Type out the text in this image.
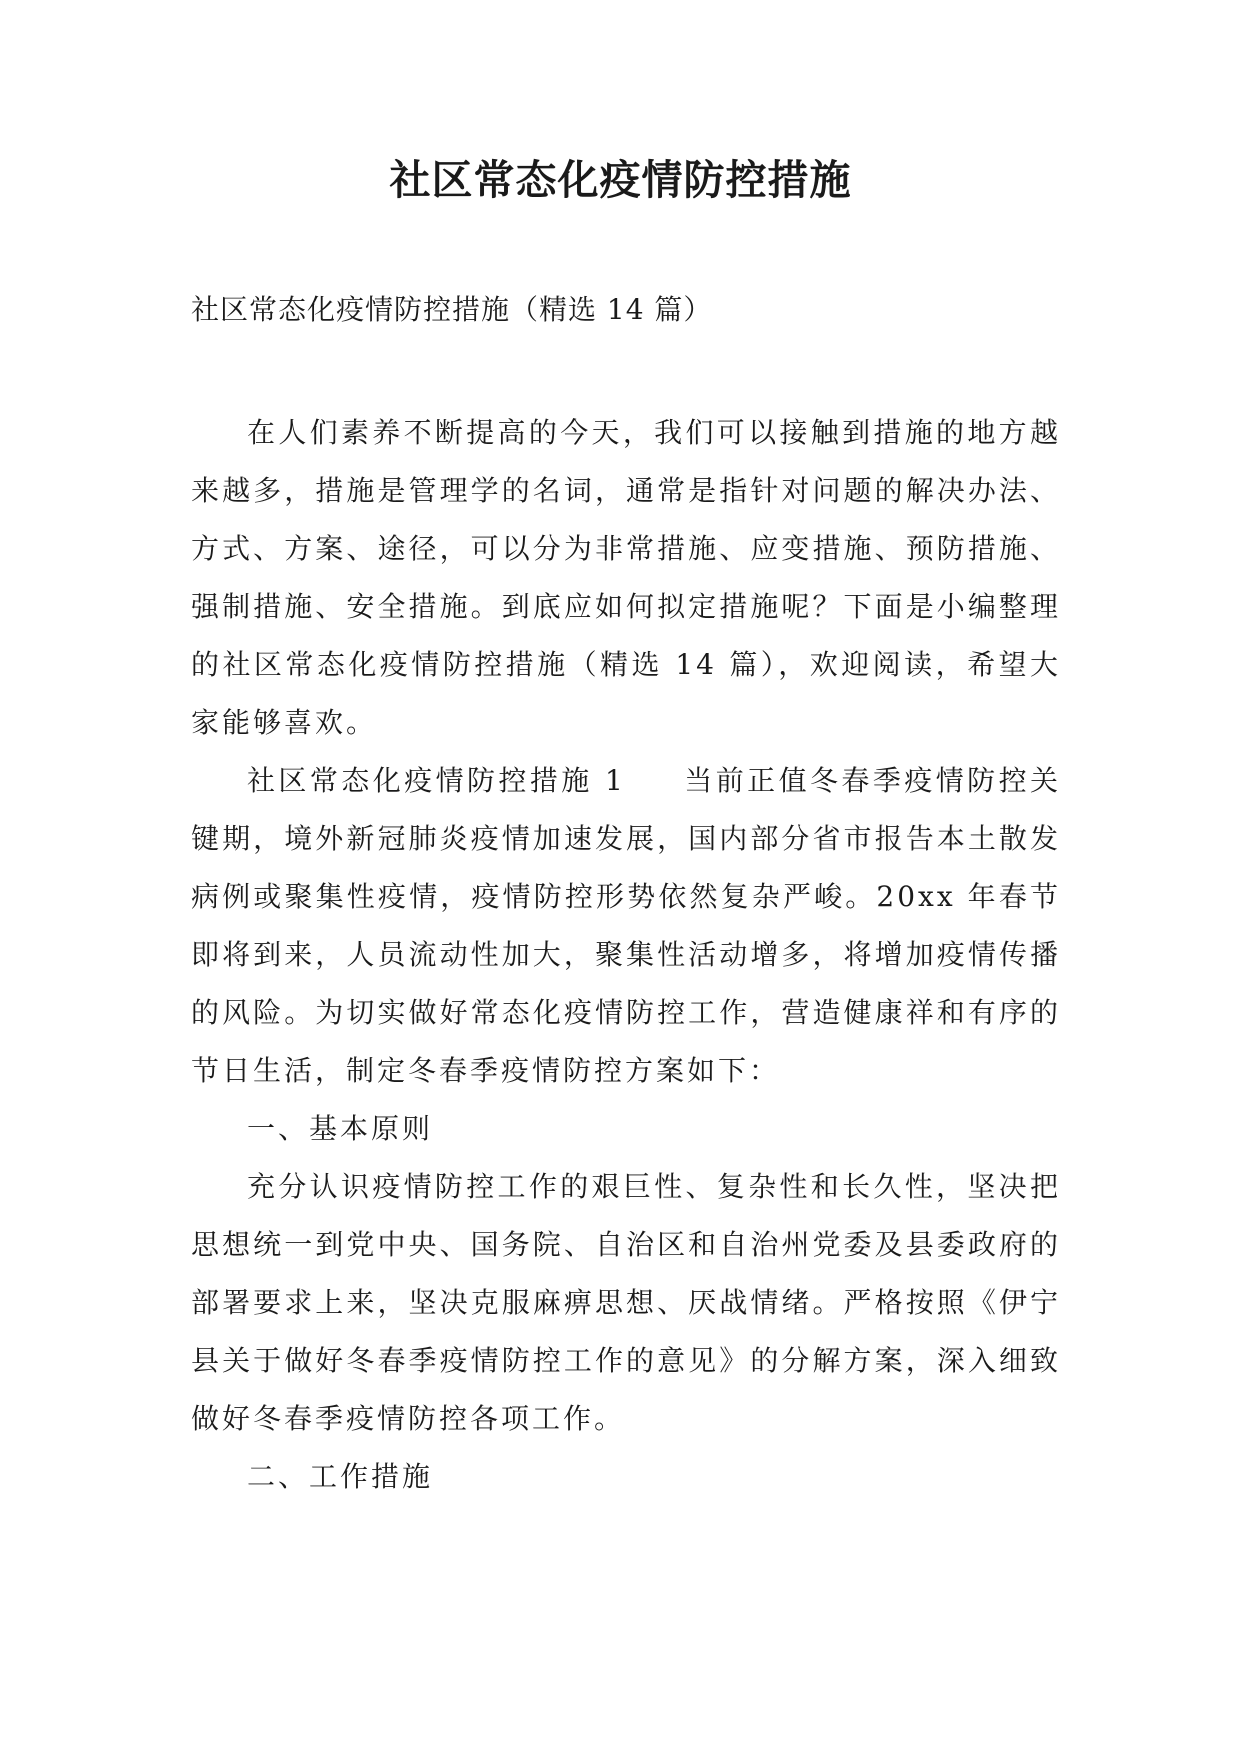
社区常态化疫情防控措施

社区常态化疫情防控措施（精选 14 篇）

在人们素养不断提高的今天，我们可以接触到措施的地方越来越多，措施是管理学的名词，通常是指针对问题的解决办法、方式、方案、途径，可以分为非常措施、应变措施、预防措施、强制措施、安全措施。到底应如何拟定措施呢？下面是小编整理的社区常态化疫情防控措施（精选 14 篇），欢迎阅读，希望大家能够喜欢。

社区常态化疫情防控措施 1 当前正值冬春季疫情防控关键期，境外新冠肺炎疫情加速发展，国内部分省市报告本土散发病例或聚集性疫情，疫情防控形势依然复杂严峻。20xx 年春节即将到来，人员流动性加大，聚集性活动增多，将增加疫情传播的风险。为切实做好常态化疫情防控工作，营造健康祥和有序的节日生活，制定冬春季疫情防控方案如下：

一、基本原则

充分认识疫情防控工作的艰巨性、复杂性和长久性，坚决把思想统一到党中央、国务院、自治区和自治州党委及县委政府的部署要求上来，坚决克服麻痹思想、厌战情绪。严格按照《伊宁县关于做好冬春季疫情防控工作的意见》的分解方案，深入细致做好冬春季疫情防控各项工作。

二、工作措施
